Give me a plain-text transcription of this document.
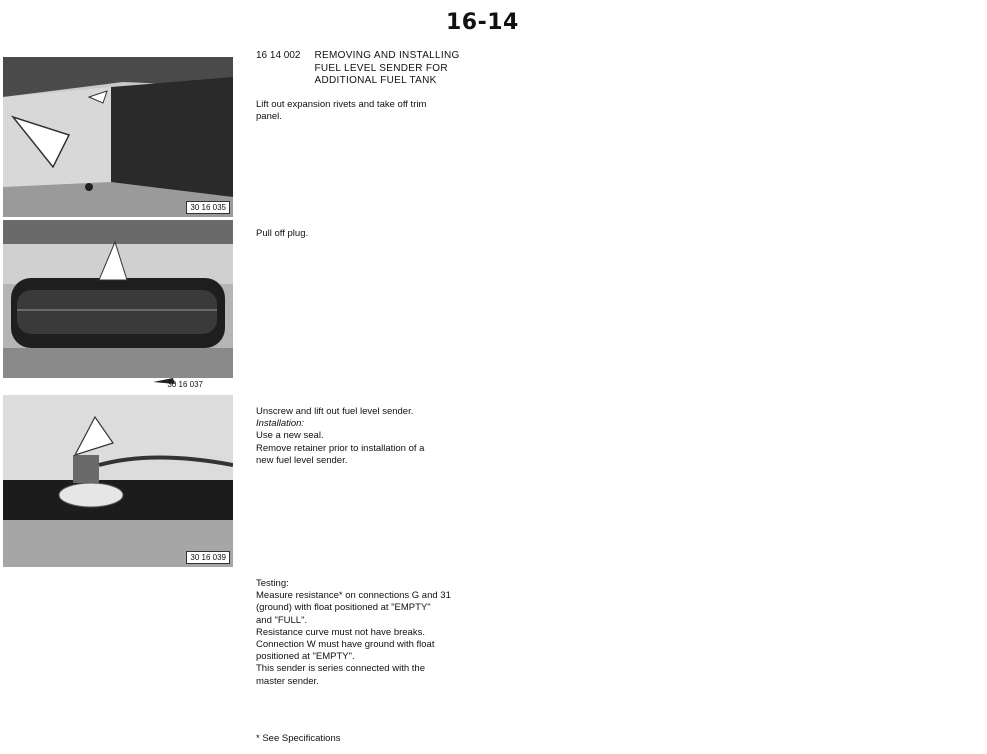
16-14
30 16 035
30 16 037
30 16 039
16 14 002 REMOVING AND INSTALLING FUEL LEVEL SENDER FOR ADDITIONAL FUEL TANK
Lift out expansion rivets and take off trim
panel.
Pull off plug.
Unscrew and lift out fuel level sender.
Installation:
Use a new seal.
Remove retainer prior to installation of a
new fuel level sender.
Testing:
Measure resistance* on connections G and 31
(ground) with float positioned at "EMPTY"
and "FULL".
Resistance curve must not have breaks.
Connection W must have ground with float
positioned at "EMPTY".
This sender is series connected with the
master sender.
* See Specifications
